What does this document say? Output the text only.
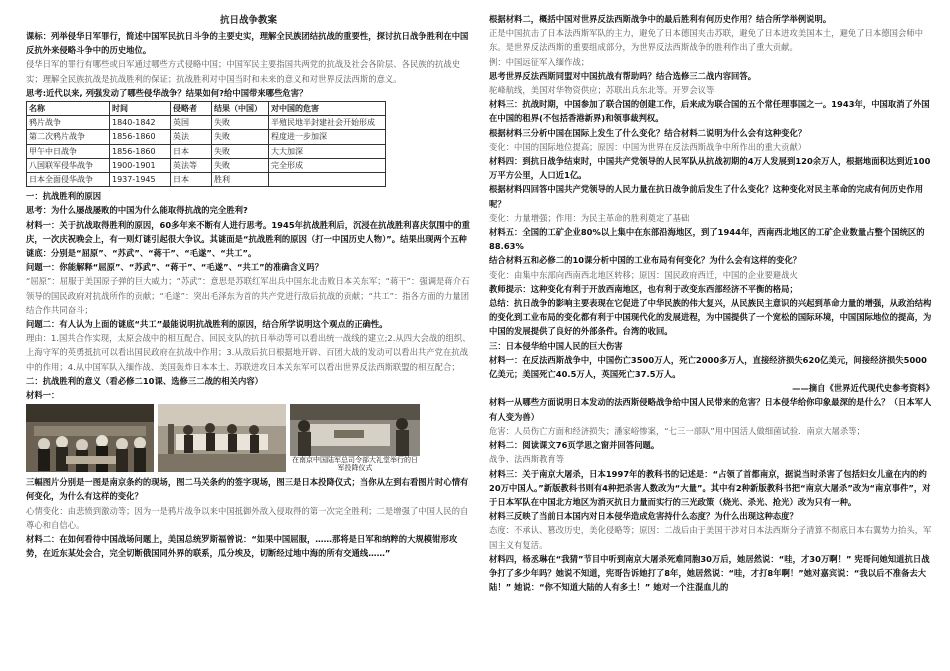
抗日战争教案

课标：列举侵华日军罪行，简述中国军民抗日斗争的主要史实，理解全民族团结抗战的重要性，探讨抗日战争胜利在中国反抗外来侵略斗争中的历史地位。

侵华日军的罪行有哪些或日军通过哪些方式侵略中国；中国军民主要指国共两党的抗战及社会各阶层、各民族的抗战史实；理解全民族抗战是抗战胜利的保证；抗战胜利对中国当时和未来的意义和对世界反法西斯的意义。

思考:近代以来, 列强发动了哪些侵华战争？结果如何?给中国带来哪些危害？

名称	时间	侵略者	结果（中国）	对中国的危害
鸦片战争	1840-1842	英国	失败	半殖民地半封建社会开始形成
第二次鸦片战争	1856-1860	英法	失败	程度进一步加深
甲午中日战争	1856-1860	日本	失败	大大加深
八国联军侵华战争	1900-1901	英法等	失败	完全形成
日本全面侵华战争	1937-1945	日本	胜利	

一：抗战胜利的原因

思考：为什么屡战屡败的中国为什么能取得抗战的完全胜利?

材料一：关于抗战取得胜利的原因，60多年来不断有人进行思考。1945年抗战胜利后，沉浸在抗战胜利喜庆氛围中的重庆，一次庆祝晚会上，有一则灯谜引起很大争议。其谜面是“抗战胜利的原因（打一中国历史人物）”。结果出现两个五种谜底：分别是“屈原”、“苏武”、“蒋干”、“毛遂”、“共工”。

问题一：你能解释“屈原”、“苏武”、“蒋干”、“毛遂”、“共工”的准确含义吗？

“屈原”：屈服于美国原子弹的巨大威力；“苏武”：意思是苏联红军出兵中国东北击败日本关东军；“蒋干”：强调是蒋介石领导的国民政府对抗战所作的贡献；“毛遂”：突出毛泽东为首的共产党进行敌后抗战的贡献；“共工”：指各方面的力量团结合作共同奋斗；

问题二：有人认为上面的谜底“共工”最能说明抗战胜利的原因，结合所学说明这个观点的正确性。

理由：1.国共合作实现，太原会战中的相互配合、回民支队的抗日举动等可以看出统一战线的建立;2.从四大会战的组织、上海守军的英勇抵抗可以看出国民政府在抗战中作用；3.从敌后抗日根据地开辟、百团大战的发动可以看出共产党在抗战中的作用；4.从中国军队入缅作战、美国轰炸日本本土、苏联进攻日本关东军可以看出世界反法西斯联盟的相互配合；

二：抗战胜利的意义（看必修二10课、选修三二战的相关内容）

材料一：

在南京中国陆军总司令部大礼堂举行的日军投降仪式

三幅图片分别是一图是南京条约的现场，图二马关条约的签字现场，图三是日本投降仪式；当你从左到右看图片时心情有何变化，为什么有这样的变化？

心情变化：由悲愤到激动等；因为一是鸦片战争以来中国抵御外敌入侵取得的第一次完全胜利；二是增强了中国人民的自尊心和自信心。

材料二：在如何看待中国战场问题上，美国总统罗斯福曾说：“如果中国屈服，……那将是日军和纳粹的大规模钳形攻势，在近东某处会合，完全切断俄国同外界的联系，瓜分埃及，切断经过地中海的所有交通线……”

根据材料二，概括中国对世界反法西斯战争中的最后胜利有何历史作用？结合所学举例说明。

正是中国抗击了日本法西斯军队的主力，避免了日本德国夹击苏联，避免了日本进攻美国本土，避免了日本德国会师中东。是世界反法西斯的重要组成部分，为世界反法西斯战争的胜利作出了重大贡献。

例：中国远征军入缅作战；

思考世界反法西斯同盟对中国抗战有帮助吗？结合选修三二战内容回答。

驼峰航线，美国对华物资供应；苏联出兵东北等。开罗会议等

材料三：抗战时期，中国参加了联合国的创建工作，后来成为联合国的五个常任理事国之一。1943年，中国取消了外国在中国的租界(不包括香港新界)和领事裁判权。

根据材料三分析中国在国际上发生了什么变化？结合材料二说明为什么会有这种变化？

变化：中国的国际地位提高；原因：中国为世界在反法西斯战争中所作出的重大贡献）

材料四：到抗日战争结束时，中国共产党领导的人民军队从抗战初期的4万人发展到120余万人，根据地面积达到近100万平方公里，人口近1亿。

根据材料四回答中国共产党领导的人民力量在抗日战争前后发生了什么变化？这种变化对民主革命的完成有何历史作用呢？

变化：力量增强；作用：为民主革命的胜利奠定了基础

材料五：全国的工矿企业80%以上集中在东部沿海地区，到了1944年，西南西北地区的工矿企业数量占整个国统区的88.63%

结合材料五和必修二的10课分析中国的工业布局有何变化？为什么会有这样的变化？

变化：由集中东部向西南西北地区转移；原因：国民政府西迁，中国的企业要避战火

教师提示：这种变化有利于开放西南地区，也有利于改变东西部经济不平衡的格局；

总结：抗日战争的影响主要表现在它促进了中华民族的伟大复兴，从民族民主意识的兴起到革命力量的增强，从政治结构的变化到工业布局的变化都有利于中国现代化的发展进程，为中国提供了一个宽松的国际环境，中国国际地位的提高，为中国的发展提供了良好的外部条件。台湾的收回。

三：日本侵华给中国人民的巨大伤害

材料一：在反法西斯战争中，中国伤亡3500万人，死亡2000多万人，直接经济损失620亿美元，间接经济损失5000亿美元；美国死亡40.5万人，英国死亡37.5万人。

——摘自《世界近代现代史参考资料》

材料一从哪些方面说明日本发动的法西斯侵略战争给中国人民带来的危害？日本侵华给你印象最深的是什么？（日本军人有人变为兽）

危害：人员伤亡方面和经济损失；潘家峪惨案，“七三一部队”用中国活人做细菌试验．南京大屠杀等；

材料二：阅读课文76页学思之窗并回答问题。

战争、法西斯教育等

材料三：关于南京大屠杀，日本1997年的教科书的记述是：“占领了首都南京，据说当时杀害了包括妇女儿童在内的约20万中国人。”新版教科书则有4种把杀害人数改为“大量”。其中有2种新版教科书把“南京大屠杀”改为“南京事件”，对于日本军队在中国北方地区为消灭抗日力量而实行的三光政策（烧光、杀光、抢光）改为只有一种。

材料三反映了当前日本国内对日本侵华造成危害持什么态度？为什么出现这种态度？

态度：不承认、篡改历史，美化侵略等；原因：二战后由于美国干涉对日本法西斯分子清算不彻底日本右翼势力抬头，军国主义有复活。

材料四，杨丞琳在“我猜”节目中听到南京大屠杀死难同胞30万后，她居然说：“哇，才30万啊！” 宪哥问她知道抗日战争打了多少年吗？她说不知道，宪哥告诉她打了8年，她居然说：“哇，才打8年啊！”她对嘉宾说：“我以后不准备去大陆！” 她说：“你不知道大陆的人有多土！” 她对一个注混血儿的
